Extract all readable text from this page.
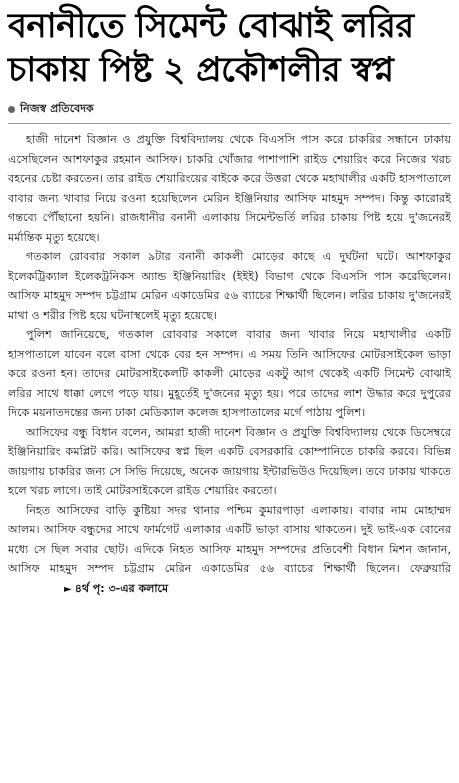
বনানীতে সিমেন্ট বোঝাই লরির
চাকায় পিষ্ট ২ প্রকৌশলীর স্বপ্ন
নিজস্ব প্রতিবেদক

হাজী দানেশ বিজ্ঞান ও প্রযুক্তি বিশ্ববিদ্যালয় থেকে বিএসসি পাস করে চাকরির সন্ধানে ঢাকায় এসেছিলেন আশফাকুর রহমান আসিফ। চাকরি খোঁজার পাশাপাশি রাইড শেয়ারিং করে নিজের খরচ বহনের চেষ্টা করতেন। তার রাইড শেয়ারিংয়ের বাইকে করে উত্তরা থেকে মহাখালীর একটি হাসপাতালে বাবার জন্য খাবার নিয়ে রওনা হয়েছিলেন মেরিন ইঞ্জিনিয়ার আসিফ মাহমুদ সম্পদ। কিন্তু কারোরই গন্তব্যে পৌঁছানো হয়নি। রাজধানীর বনানী এলাকায় সিমেন্টভর্তি লরির চাকায় পিষ্ট হয়ে দু'জনেরই মর্মান্তিক মৃত্যু হয়েছে।

গতকাল রোববার সকাল ৯টার বনানী কাকলী মোড়ের কাছে এ দুর্ঘটনা ঘটে। আশফাকুর ইলেকট্রিক্যাল ইলেকট্রনিকস অ্যান্ড ইঞ্জিনিয়ারিং (ইইই) বিভাগ থেকে বিএসসি পাস করেছিলেন। আসিফ মাহমুদ সম্পদ চট্টগ্রাম মেরিন একাডেমির ৫৬ ব্যাচের শিক্ষার্থী ছিলেন। লরির চাকায় দু'জনেরই মাথা ও শরীর পিষ্ট হয়ে ঘটনাস্থলেই মৃত্যু হয়েছে।

পুলিশ জানিয়েছে, গতকাল রোববার সকালে বাবার জন্য খাবার নিয়ে মহাখালীর একটি হাসপাতালে যাবেন বলে বাসা থেকে বের হন সম্পদ। এ সময় তিনি আসিফের মোটরসাইকেল ভাড়া করে রওনা হন। তাদের মোটরসাইকেলটি কাকলী মোড়ের একটু আগ থেকেই একটি সিমেন্ট বোঝাই লরির সাথে ধাক্কা লেগে পড়ে যায়। মুহূর্তেই দু'জনের মৃত্যু হয়। পরে তাদের লাশ উদ্ধার করে দুপুরের দিকে ময়নাতদন্তের জন্য ঢাকা মেডিক্যাল কলেজ হাসপাতালের মর্গে পাঠায় পুলিশ।

আসিফের বন্ধু বিধান বলেন, আমরা হাজী দানেশ বিজ্ঞান ও প্রযুক্তি বিশ্ববিদ্যালয় থেকে ডিসেম্বরে ইঞ্জিনিয়ারিং কমপ্লিট করি। আসিফের স্বপ্ন ছিল একটি বেসরকারি কোম্পানিতে চাকরি করবে। বিভিন্ন জায়গায় চাকরির জন্য সে সিভি দিয়েছে, অনেক জায়গায় ইন্টারভিউও দিয়েছিল। তবে ঢাকায় থাকতে হলে খরচ লাগে। তাই মোটরসাইকেলে রাইড শেয়ারিং করতো।

নিহত আসিফের বাড়ি কুষ্টিয়া সদর থানার পশ্চিম কুমারপাড়া এলাকায়। বাবার নাম মোহাম্মদ আলম। আসিফ বন্ধুদের সাথে ফার্মগেট এলাকার একটি ভাড়া বাসায় থাকতেন। দুই ভাই-এক বোনের মধ্যে সে ছিল সবার ছোট। এদিকে নিহত আসিফ মাহমুদ সম্পদের প্রতিবেশী বিধান মিশন জানান, আসিফ মাহমুদ সম্পদ চট্টগ্রাম মেরিন একাডেমির ৫৬ ব্যাচের শিক্ষার্থী ছিলেন। ফেব্রুয়ারি► ৪র্থ পৃ: ৩-এর কলামে
